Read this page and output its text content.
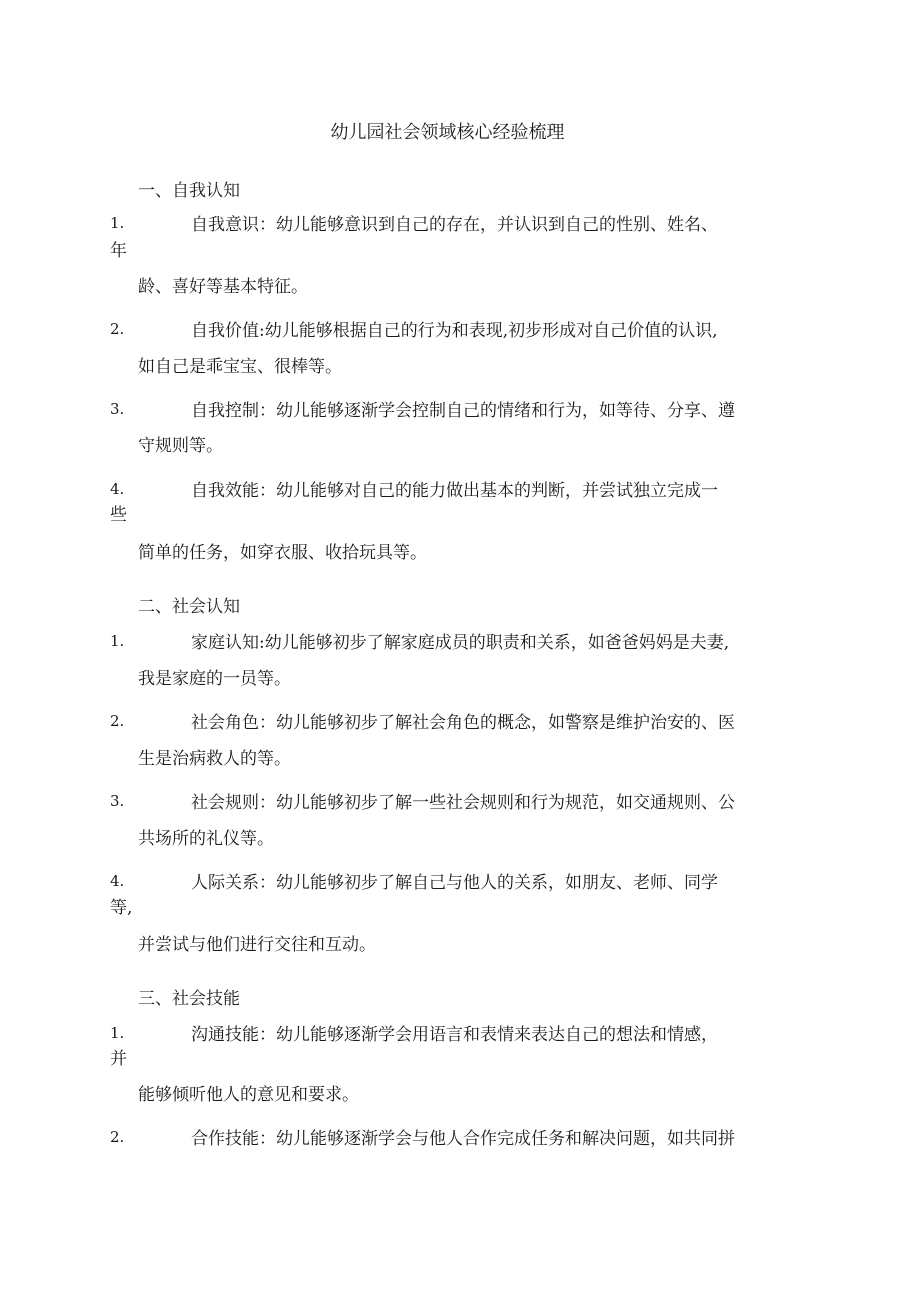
幼儿园社会领域核心经验梳理
一、自我认知
1.	自我意识：幼儿能够意识到自己的存在，并认识到自己的性别、姓名、
年
龄、喜好等基本特征。
2.	自我价值:幼儿能够根据自己的行为和表现,初步形成对自己价值的认识,
如自己是乖宝宝、很棒等。
3.	自我控制：幼儿能够逐渐学会控制自己的情绪和行为，如等待、分享、遵
守规则等。
4.	自我效能：幼儿能够对自己的能力做出基本的判断，并尝试独立完成一
些
简单的任务，如穿衣服、收拾玩具等。
二、社会认知
1.	家庭认知:幼儿能够初步了解家庭成员的职责和关系，如爸爸妈妈是夫妻,
我是家庭的一员等。
2.	社会角色：幼儿能够初步了解社会角色的概念，如警察是维护治安的、医
生是治病救人的等。
3.	社会规则：幼儿能够初步了解一些社会规则和行为规范，如交通规则、公
共场所的礼仪等。
4.	人际关系：幼儿能够初步了解自己与他人的关系，如朋友、老师、同学
等,
并尝试与他们进行交往和互动。
三、社会技能
1.	沟通技能：幼儿能够逐渐学会用语言和表情来表达自己的想法和情感，
并
能够倾听他人的意见和要求。
2.	合作技能：幼儿能够逐渐学会与他人合作完成任务和解决问题，如共同拼
